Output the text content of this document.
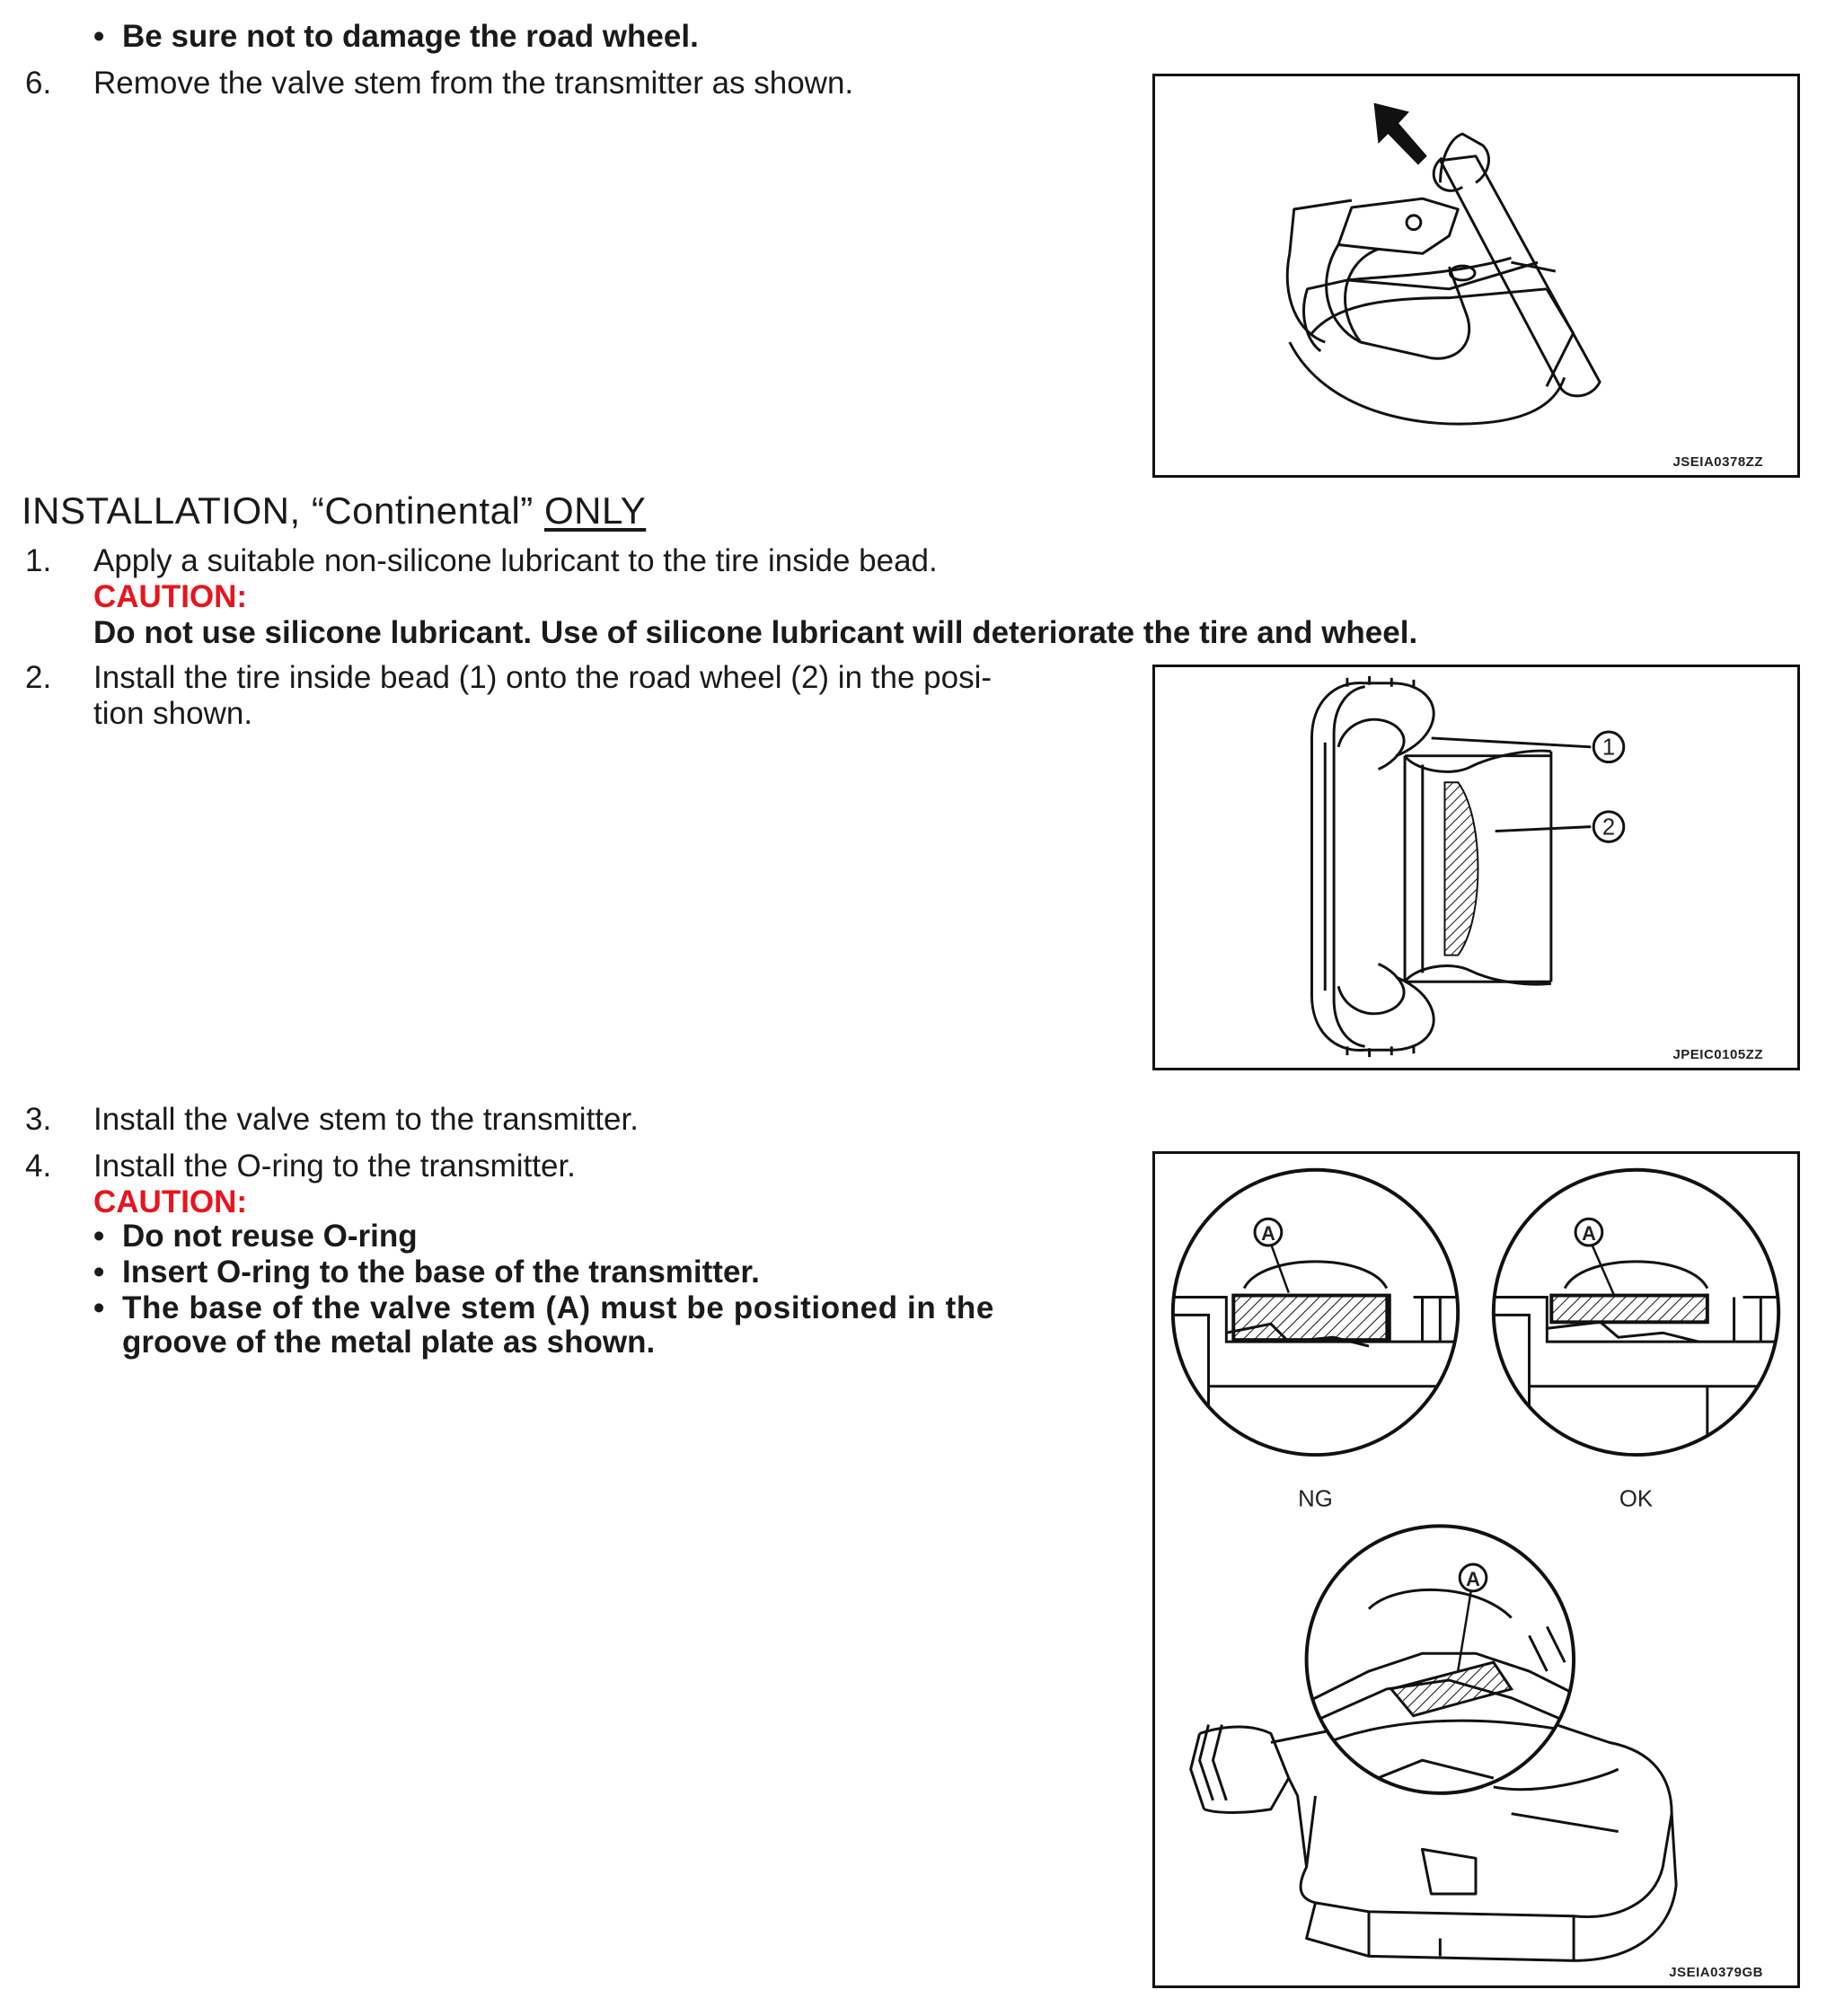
• Be sure not to damage the road wheel.
6. Remove the valve stem from the transmitter as shown.
JSEIA0378ZZ
INSTALLATION, “Continental” ONLY
1. Apply a suitable non-silicone lubricant to the tire inside bead.
CAUTION:
Do not use silicone lubricant. Use of silicone lubricant will deteriorate the tire and wheel.
2. Install the tire inside bead (1) onto the road wheel (2) in the posi-
tion shown.
1
2
JPEIC0105ZZ
3. Install the valve stem to the transmitter.
4. Install the O-ring to the transmitter.
CAUTION:
• Do not reuse O-ring
• Insert O-ring to the base of the transmitter.
• The base of the valve stem (A) must be positioned in the
groove of the metal plate as shown.
A
NG
A
OK
A
JSEIA0379GB
